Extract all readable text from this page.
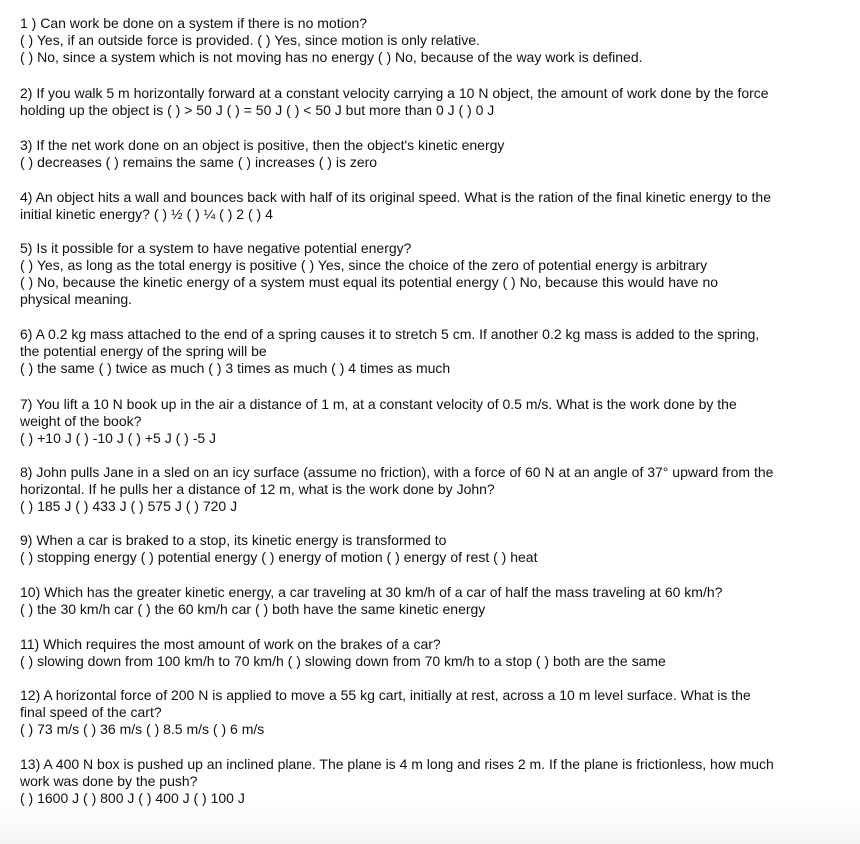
1 ) Can work be done on a system if there is no motion?
( ) Yes, if an outside force is provided. ( ) Yes, since motion is only relative.
( ) No, since a system which is not moving has no energy ( ) No, because of the way work is defined.
2) If you walk 5 m horizontally forward at a constant velocity carrying a 10 N object, the amount of work done by the force
holding up the object is ( ) > 50 J ( ) = 50 J ( ) < 50 J but more than 0 J ( ) 0 J
3) If the net work done on an object is positive, then the object's kinetic energy
( ) decreases ( ) remains the same ( ) increases ( ) is zero
4) An object hits a wall and bounces back with half of its original speed. What is the ration of the final kinetic energy to the
initial kinetic energy? ( ) ½ ( ) ¼ ( ) 2 ( ) 4
5) Is it possible for a system to have negative potential energy?
( ) Yes, as long as the total energy is positive ( ) Yes, since the choice of the zero of potential energy is arbitrary
( ) No, because the kinetic energy of a system must equal its potential energy ( ) No, because this would have no
physical meaning.
6) A 0.2 kg mass attached to the end of a spring causes it to stretch 5 cm. If another 0.2 kg mass is added to the spring,
the potential energy of the spring will be
( ) the same ( ) twice as much ( ) 3 times as much ( ) 4 times as much
7) You lift a 10 N book up in the air a distance of 1 m, at a constant velocity of 0.5 m/s. What is the work done by the
weight of the book?
( ) +10 J ( ) -10 J ( ) +5 J ( ) -5 J
8) John pulls Jane in a sled on an icy surface (assume no friction), with a force of 60 N at an angle of 37° upward from the
horizontal. If he pulls her a distance of 12 m, what is the work done by John?
( ) 185 J ( ) 433 J ( ) 575 J ( ) 720 J
9) When a car is braked to a stop, its kinetic energy is transformed to
( ) stopping energy ( ) potential energy ( ) energy of motion ( ) energy of rest ( ) heat
10) Which has the greater kinetic energy, a car traveling at 30 km/h of a car of half the mass traveling at 60 km/h?
( ) the 30 km/h car ( ) the 60 km/h car ( ) both have the same kinetic energy
11) Which requires the most amount of work on the brakes of a car?
( ) slowing down from 100 km/h to 70 km/h ( ) slowing down from 70 km/h to a stop ( ) both are the same
12) A horizontal force of 200 N is applied to move a 55 kg cart, initially at rest, across a 10 m level surface. What is the
final speed of the cart?
( ) 73 m/s ( ) 36 m/s ( ) 8.5 m/s ( ) 6 m/s
13) A 400 N box is pushed up an inclined plane. The plane is 4 m long and rises 2 m. If the plane is frictionless, how much
work was done by the push?
( ) 1600 J ( ) 800 J ( ) 400 J ( ) 100 J
